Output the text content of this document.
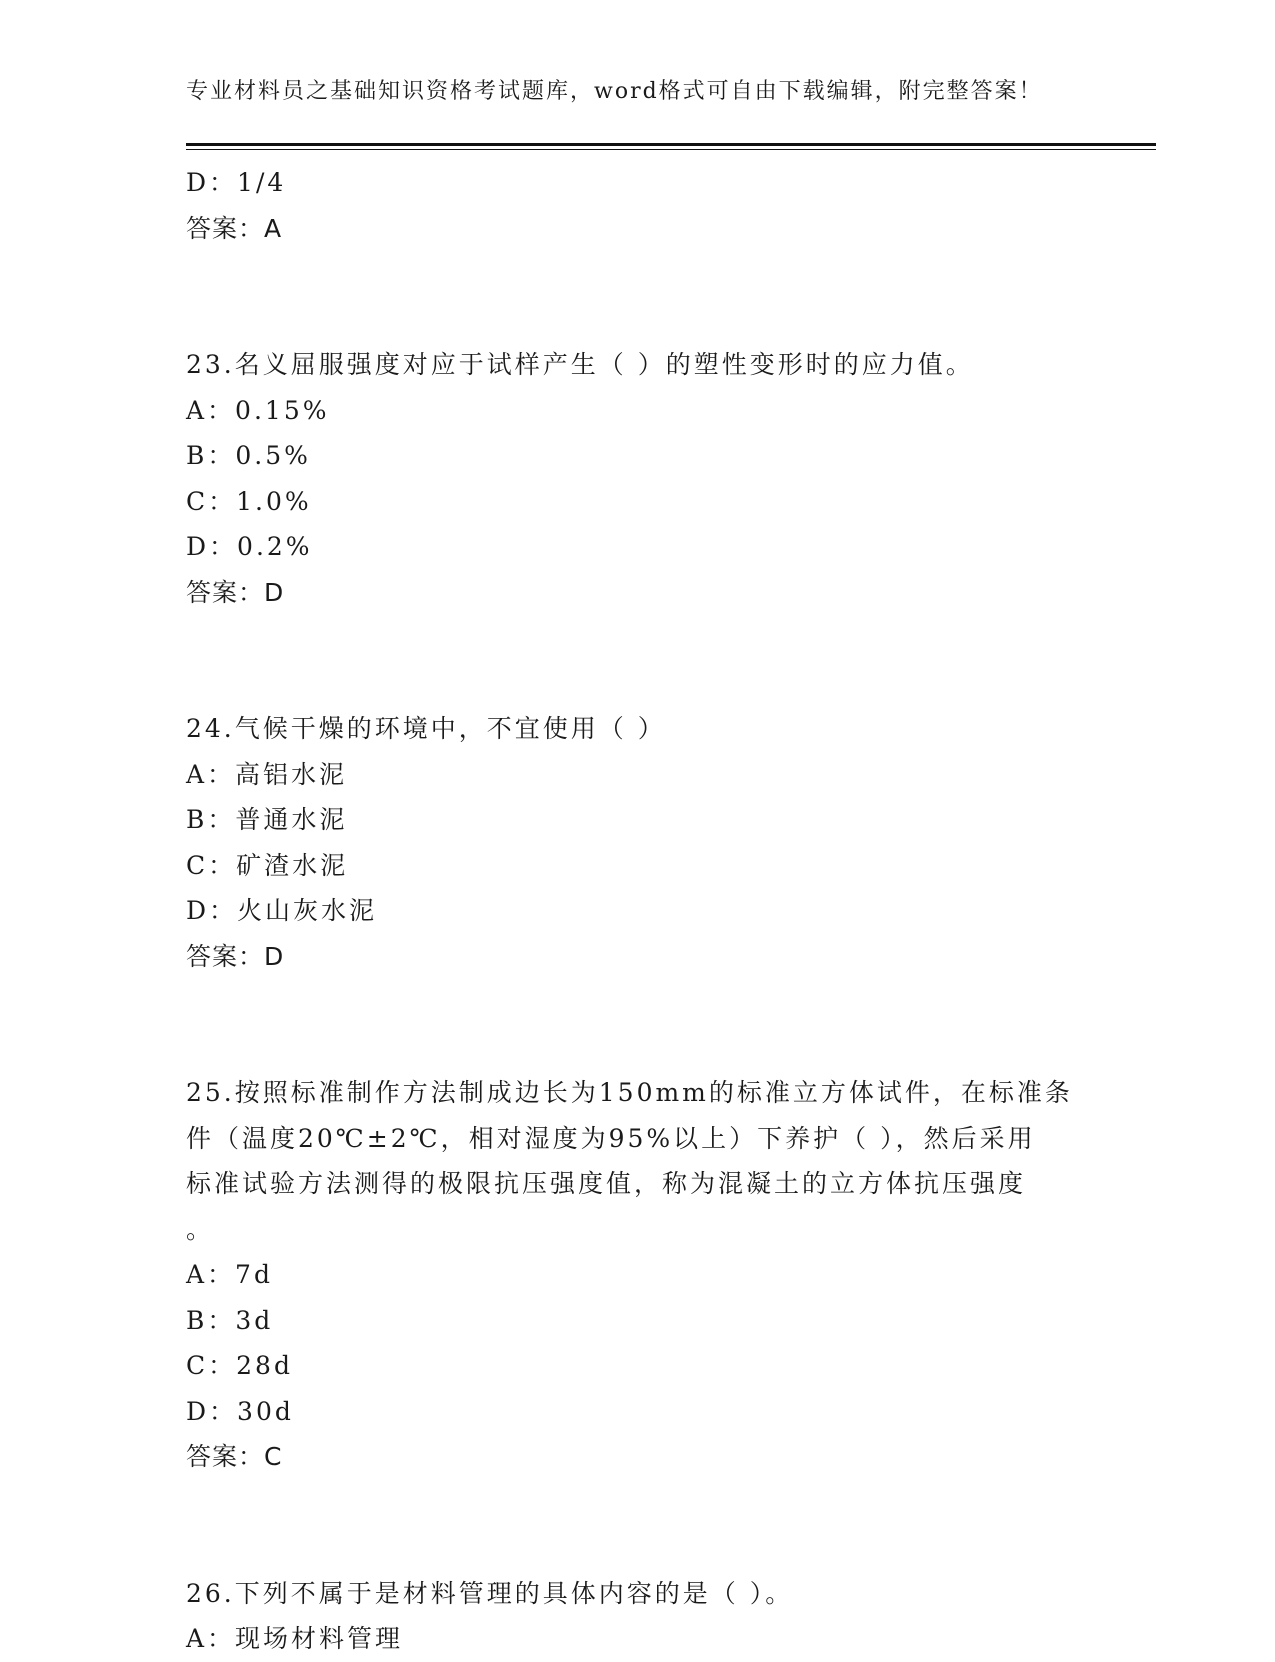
专业材料员之基础知识资格考试题库，word格式可自由下载编辑，附完整答案！
D：1/4
答案：A
23.名义屈服强度对应于试样产生（ ）的塑性变形时的应力值。
A：0.15%
B：0.5%
C：1.0%
D：0.2%
答案：D
24.气候干燥的环境中，不宜使用（ ）
A：高铝水泥
B：普通水泥
C：矿渣水泥
D：火山灰水泥
答案：D
25.按照标准制作方法制成边长为150mm的标准立方体试件，在标准条
件（温度20℃±2℃，相对湿度为95%以上）下养护（ ），然后采用
标准试验方法测得的极限抗压强度值，称为混凝土的立方体抗压强度
。
A：7d
B：3d
C：28d
D：30d
答案：C
26.下列不属于是材料管理的具体内容的是（ ）。
A：现场材料管理
